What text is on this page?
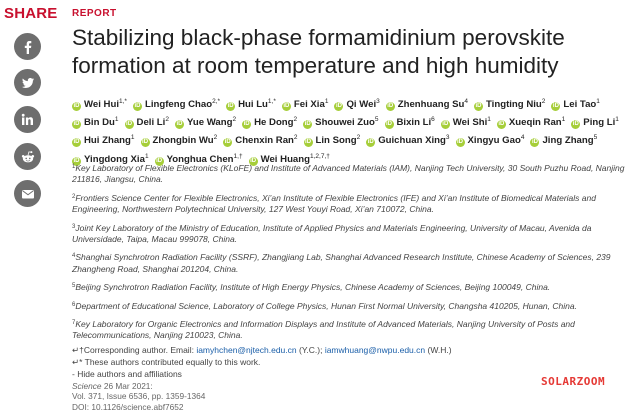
SHARE REPORT
Stabilizing black-phase formamidinium perovskite formation at room temperature and high humidity
iD Wei Hui$^{1,*}$iD Lingfeng Chao$^{2,*}$iD Hui $Lu^{1,*}iD$ Fei Xia$^1$iD Qi Wei$^3$iD Zhenhuang Su$^4$iD Tingting Niu$^2$iD Lei Tao$^1$iD Bin Du$^1$iD Deli Li$^2$iD Yue Wang$^2$iD He Dong$^2$iD Shouwei Zuo$^5$iD Bixin Li$^6$iD Wei Shi$^1$iD Xueqin Ran$^1$iD Ping Li$^1$iD Hui Zhang$^1$iD Zhongbin Wu$^2$iD Chenxin Ran$^2$iD Lin Song$^2$iD Guichuan Xing$^3$iD Xingyu Gao$^4$iD Jing Zhang$^5$iD Yingdong Xia$^1$iD Yonghua Chen$^{1,\dagger}$iD Wei Huang$^{1,2,7,\dagger}$
$^1$Key Laboratory of Flexible Electronics (KLoFE) and Institute of Advanced Materials (IAM), Nanjing Tech University, 30 South Puzhu Road, Nanjing 211816, Jiangsu, China.
$^2$Frontiers Science Center for Flexible Electronics, Xi’an Institute of Flexible Electronics (IFE) and Xi’an Institute of Biomedical Materials and Engineering, Northwestern Polytechnical University, 127 West Youyi Road, Xi’an 710072, China.
$^3$Joint Key Laboratory of the Ministry of Education, Institute of Applied Physics and Materials Engineering, University of Macau, Avenida da Universidade, Taipa, Macau 999078, China.
$^4$Shanghai Synchrotron Radiation Facility (SSRF), Zhangjiang Lab, Shanghai Advanced Research Institute, Chinese Academy of Sciences, 239 Zhangheng Road, Shanghai 201204, China.
$^5$Beijing Synchrotron Radiation Facility, Institute of High Energy Physics, Chinese Academy of Sciences, Beijing 100049, China.
$^6$Department of Educational Science, Laboratory of College Physics, Hunan First Normal University, Changsha 410205, Hunan, China.
$^7$Key Laboratory for Organic Electronics and Information Displays and Institute of Advanced Materials, Nanjing University of Posts and Telecommunications, Nanjing 210023, China.
↵†Corresponding author. Email: iamyhchen@njtech.edu.cn (Y.C.); iamwhuang@nwpu.edu.cn (W.H.)
↵* These authors contributed equally to this work.
- Hide authors and affiliations
Science 26 Mar 2021:
Vol. 371, Issue 6536, pp. 1359-1364
DOI: 10.1126/science.abf7652
SOLARZOOM
